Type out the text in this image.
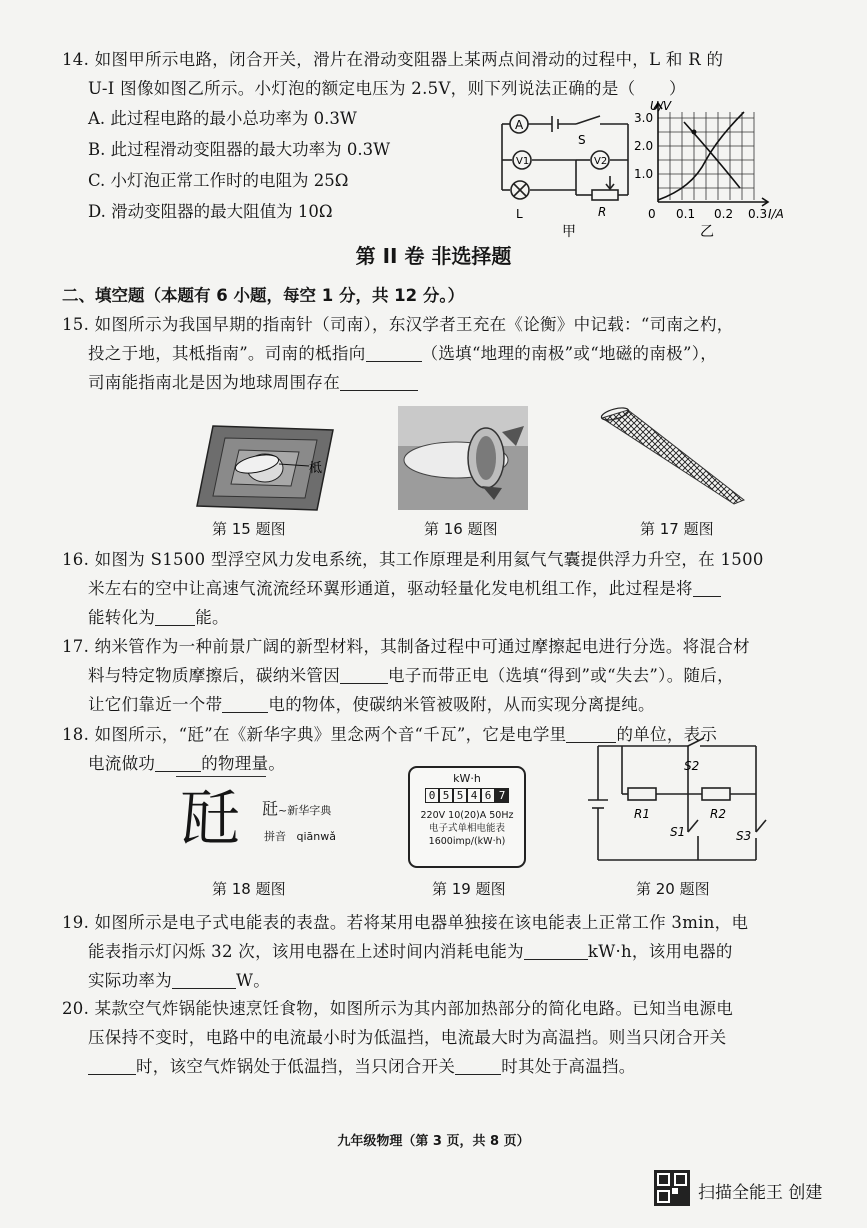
14. 如图甲所示电路，闭合开关，滑片在滑动变阻器上某两点间滑动的过程中，L 和 R 的
U-I 图像如图乙所示。小灯泡的额定电压为 2.5V，则下列说法正确的是（　　）
A. 此过程电路的最小总功率为 0.3W
B. 此过程滑动变阻器的最大功率为 0.3W
C. 小灯泡正常工作时的电阻为 25Ω
D. 滑动变阻器的最大阻值为 10Ω
A
S
V1	V2
L	R
甲
U/V
3.0
2.0
1.0
0 0.1 0.2 0.3 I/A
乙
第 II 卷 非选择题
二、填空题（本题有 6 小题，每空 1 分，共 12 分。）
15. 如图所示为我国早期的指南针（司南），东汉学者王充在《论衡》中记载：“司南之杓，
投之于地，其柢指南”。司南的柢指向	（选填“地理的南极”或“地磁的南极”），
司南能指南北是因为地球周围存在
柢
第 15 题图	第 16 题图	第 17 题图
16. 如图为 S1500 型浮空风力发电系统，其工作原理是利用氦气气囊提供浮力升空，在 1500
米左右的空中让高速气流流经环翼形通道，驱动轻量化发电机组工作，此过程是将
能转化为 能。
17. 纳米管作为一种前景广阔的新型材料，其制备过程中可通过摩擦起电进行分选。将混合材
料与特定物质摩擦后，碳纳米管因	电子而带正电（选填“得到”或“失去”）。随后，
让它们靠近一个带	电的物体，使碳纳米管被吸附，从而实现分离提纯。
18. 如图所示，“瓩”在《新华字典》里念两个音“千瓦”，它是电学里	的单位，表示
电流做功	的物理量。
瓩 瓩~新华字典
拼音 qiānwǎ
第 18 题图
kW·h
0 5 5 4 6 7
220V 10(20)A 50Hz
电子式单相电能表
1600imp/(kW·h)
第 19 题图
S2
R1	R2
S1	S3
第 20 题图
19. 如图所示是电子式电能表的表盘。若将某用电器单独接在该电能表上正常工作 3min，电
能表指示灯闪烁 32 次，该用电器在上述时间内消耗电能为	kW·h，该用电器的
实际功率为	W。
20. 某款空气炸锅能快速烹饪食物，如图所示为其内部加热部分的简化电路。已知当电源电
压保持不变时，电路中的电流最小时为低温挡，电流最大时为高温挡。则当只闭合开关
时，该空气炸锅处于低温挡，当只闭合开关	时其处于高温挡。
九年级物理（第 3 页，共 8 页）
扫描全能王 创建
